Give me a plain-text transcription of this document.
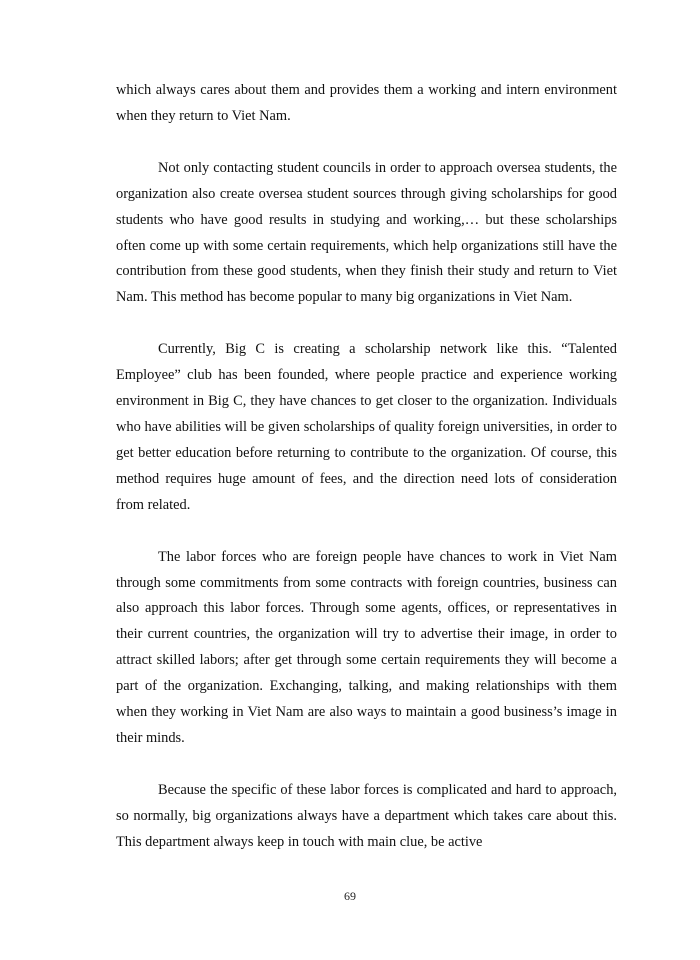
which always cares about them and provides them a working and intern environment when they return to Viet Nam.

Not only contacting student councils in order to approach oversea students, the organization also create oversea student sources through giving scholarships for good students who have good results in studying and working,… but these scholarships often come up with some certain requirements, which help organizations still have the contribution from these good students, when they finish their study and return to Viet Nam. This method has become popular to many big organizations in Viet Nam.

Currently, Big C is creating a scholarship network like this. “Talented Employee” club has been founded, where people practice and experience working environment in Big C, they have chances to get closer to the organization. Individuals who have abilities will be given scholarships of quality foreign universities, in order to get better education before returning to contribute to the organization. Of course, this method requires huge amount of fees, and the direction need lots of consideration from related.

The labor forces who are foreign people have chances to work in Viet Nam through some commitments from some contracts with foreign countries, business can also approach this labor forces. Through some agents, offices, or representatives in their current countries, the organization will try to advertise their image, in order to attract skilled labors; after get through some certain requirements they will become a part of the organization. Exchanging, talking, and making relationships with them when they working in Viet Nam are also ways to maintain a good business’s image in their minds.

Because the specific of these labor forces is complicated and hard to approach, so normally, big organizations always have a department which takes care about this. This department always keep in touch with main clue, be active

69
